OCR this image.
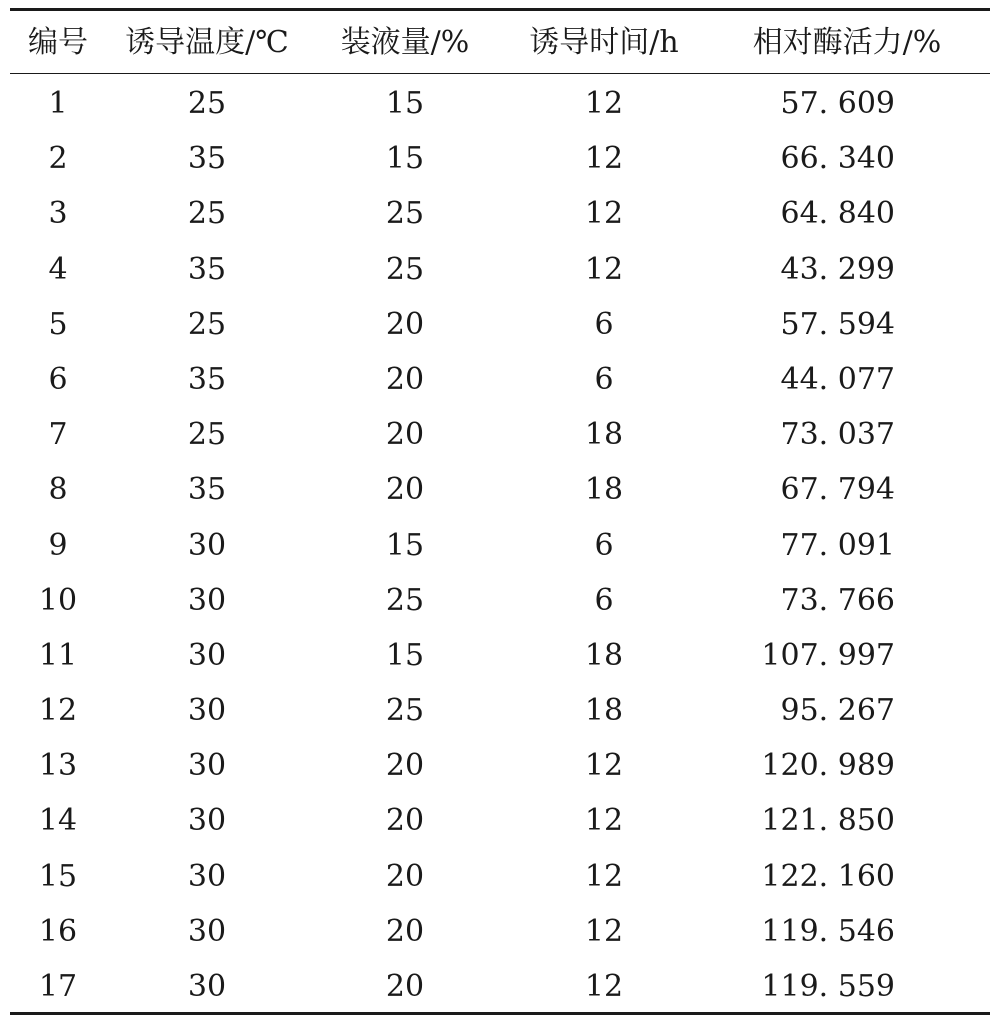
编号 诱导温度/℃ 装液量/% 诱导时间/h 相对酶活力/%
1	25	15	12	57. 609
2	35	15	12	66. 340
3	25	25	12	64. 840
4	35	25	12	43. 299
5	25	20	6	57. 594
6	35	20	6	44. 077
7	25	20	18	73. 037
8	35	20	18	67. 794
9	30	15	6	77. 091
10	30	25	6	73. 766
11	30	15	18	107. 997
12	30	25	18	95. 267
13	30	20	12	120. 989
14	30	20	12	121. 850
15	30	20	12	122. 160
16	30	20	12	119. 546
17	30	20	12	119. 559
